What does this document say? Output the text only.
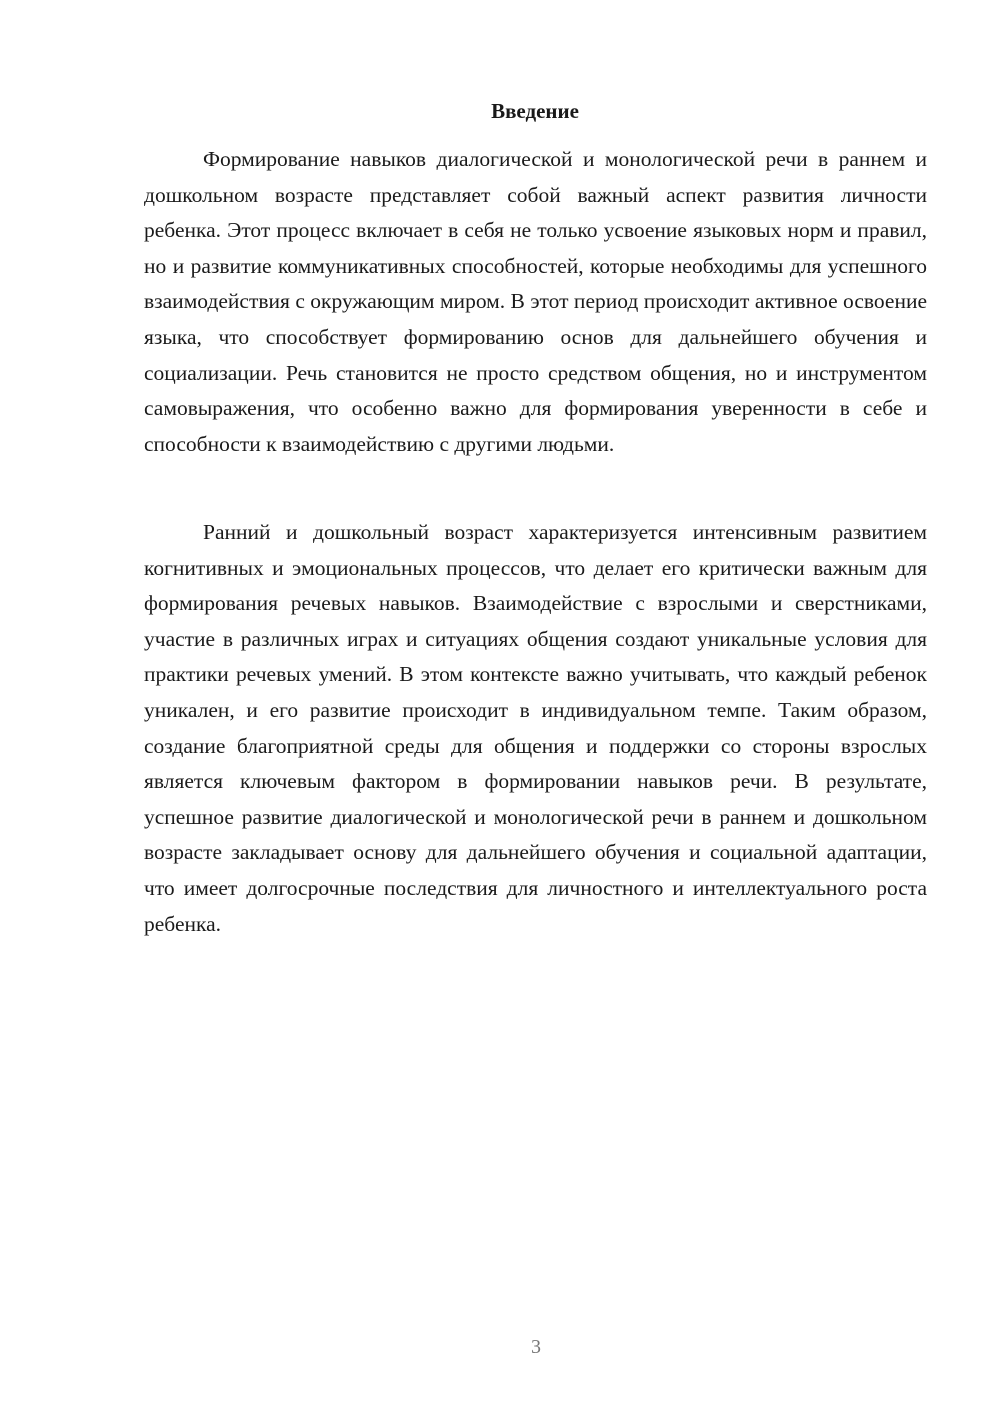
Введение

Формирование навыков диалогической и монологической речи в раннем и дошкольном возрасте представляет собой важный аспект развития личности ребенка. Этот процесс включает в себя не только усвоение языковых норм и правил, но и развитие коммуникативных способностей, которые необходимы для успешного взаимодействия с окружающим миром. В этот период происходит активное освоение языка, что способствует формированию основ для дальнейшего обучения и социализации. Речь становится не просто средством общения, но и инструментом самовыражения, что особенно важно для формирования уверенности в себе и способности к взаимодействию с другими людьми.

Ранний и дошкольный возраст характеризуется интенсивным развитием когнитивных и эмоциональных процессов, что делает его критически важным для формирования речевых навыков. Взаимодействие с взрослыми и сверстниками, участие в различных играх и ситуациях общения создают уникальные условия для практики речевых умений. В этом контексте важно учитывать, что каждый ребенок уникален, и его развитие происходит в индивидуальном темпе. Таким образом, создание благоприятной среды для общения и поддержки со стороны взрослых является ключевым фактором в формировании навыков речи. В результате, успешное развитие диалогической и монологической речи в раннем и дошкольном возрасте закладывает основу для дальнейшего обучения и социальной адаптации, что имеет долгосрочные последствия для личностного и интеллектуального роста ребенка.

3
